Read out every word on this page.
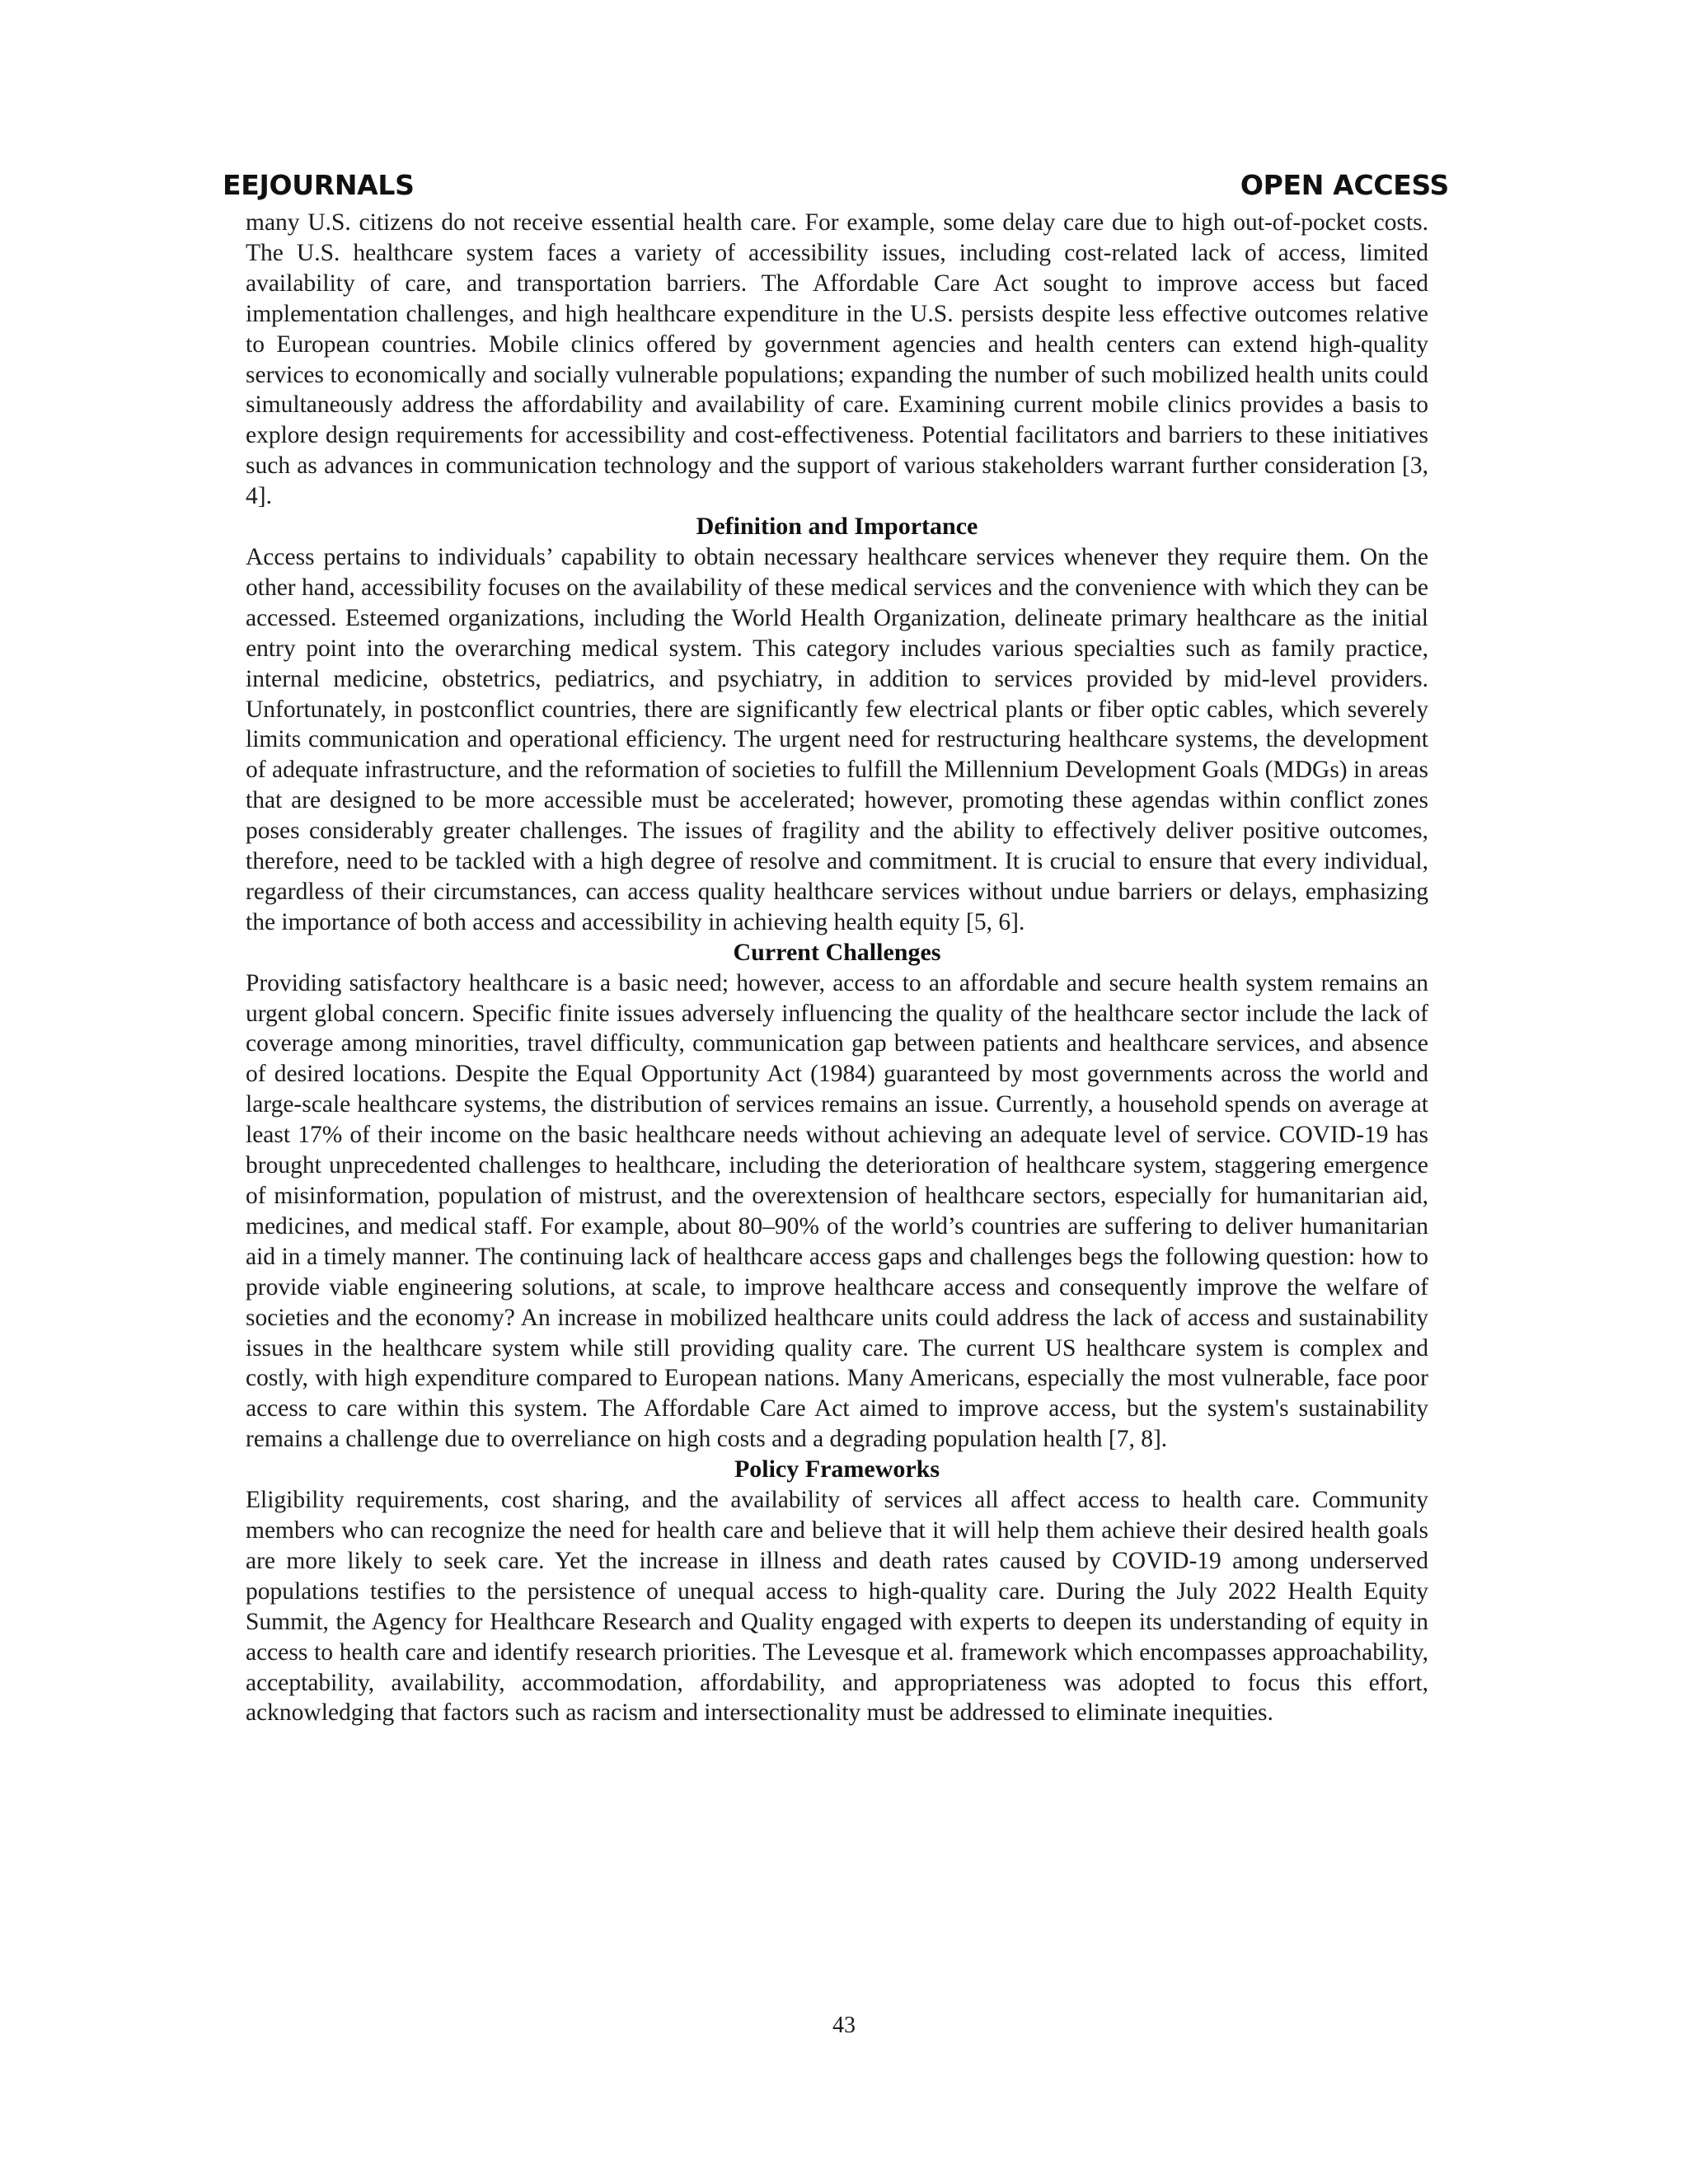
EEJOURNALS	OPEN ACCESS

many U.S. citizens do not receive essential health care. For example, some delay care due to high out-of-pocket costs. The U.S. healthcare system faces a variety of accessibility issues, including cost-related lack of access, limited availability of care, and transportation barriers. The Affordable Care Act sought to improve access but faced implementation challenges, and high healthcare expenditure in the U.S. persists despite less effective outcomes relative to European countries. Mobile clinics offered by government agencies and health centers can extend high-quality services to economically and socially vulnerable populations; expanding the number of such mobilized health units could simultaneously address the affordability and availability of care. Examining current mobile clinics provides a basis to explore design requirements for accessibility and cost-effectiveness. Potential facilitators and barriers to these initiatives such as advances in communication technology and the support of various stakeholders warrant further consideration [3, 4].

Definition and Importance

Access pertains to individuals’ capability to obtain necessary healthcare services whenever they require them. On the other hand, accessibility focuses on the availability of these medical services and the convenience with which they can be accessed. Esteemed organizations, including the World Health Organization, delineate primary healthcare as the initial entry point into the overarching medical system. This category includes various specialties such as family practice, internal medicine, obstetrics, pediatrics, and psychiatry, in addition to services provided by mid-level providers. Unfortunately, in postconflict countries, there are significantly few electrical plants or fiber optic cables, which severely limits communication and operational efficiency. The urgent need for restructuring healthcare systems, the development of adequate infrastructure, and the reformation of societies to fulfill the Millennium Development Goals (MDGs) in areas that are designed to be more accessible must be accelerated; however, promoting these agendas within conflict zones poses considerably greater challenges. The issues of fragility and the ability to effectively deliver positive outcomes, therefore, need to be tackled with a high degree of resolve and commitment. It is crucial to ensure that every individual, regardless of their circumstances, can access quality healthcare services without undue barriers or delays, emphasizing the importance of both access and accessibility in achieving health equity [5, 6].

Current Challenges

Providing satisfactory healthcare is a basic need; however, access to an affordable and secure health system remains an urgent global concern. Specific finite issues adversely influencing the quality of the healthcare sector include the lack of coverage among minorities, travel difficulty, communication gap between patients and healthcare services, and absence of desired locations. Despite the Equal Opportunity Act (1984) guaranteed by most governments across the world and large-scale healthcare systems, the distribution of services remains an issue. Currently, a household spends on average at least 17% of their income on the basic healthcare needs without achieving an adequate level of service. COVID-19 has brought unprecedented challenges to healthcare, including the deterioration of healthcare system, staggering emergence of misinformation, population of mistrust, and the overextension of healthcare sectors, especially for humanitarian aid, medicines, and medical staff. For example, about 80–90% of the world’s countries are suffering to deliver humanitarian aid in a timely manner. The continuing lack of healthcare access gaps and challenges begs the following question: how to provide viable engineering solutions, at scale, to improve healthcare access and consequently improve the welfare of societies and the economy? An increase in mobilized healthcare units could address the lack of access and sustainability issues in the healthcare system while still providing quality care. The current US healthcare system is complex and costly, with high expenditure compared to European nations. Many Americans, especially the most vulnerable, face poor access to care within this system. The Affordable Care Act aimed to improve access, but the system's sustainability remains a challenge due to overreliance on high costs and a degrading population health [7, 8].

Policy Frameworks

Eligibility requirements, cost sharing, and the availability of services all affect access to health care. Community members who can recognize the need for health care and believe that it will help them achieve their desired health goals are more likely to seek care. Yet the increase in illness and death rates caused by COVID-19 among underserved populations testifies to the persistence of unequal access to high-quality care. During the July 2022 Health Equity Summit, the Agency for Healthcare Research and Quality engaged with experts to deepen its understanding of equity in access to health care and identify research priorities. The Levesque et al. framework which encompasses approachability, acceptability, availability, accommodation, affordability, and appropriateness was adopted to focus this effort, acknowledging that factors such as racism and intersectionality must be addressed to eliminate inequities.

43
